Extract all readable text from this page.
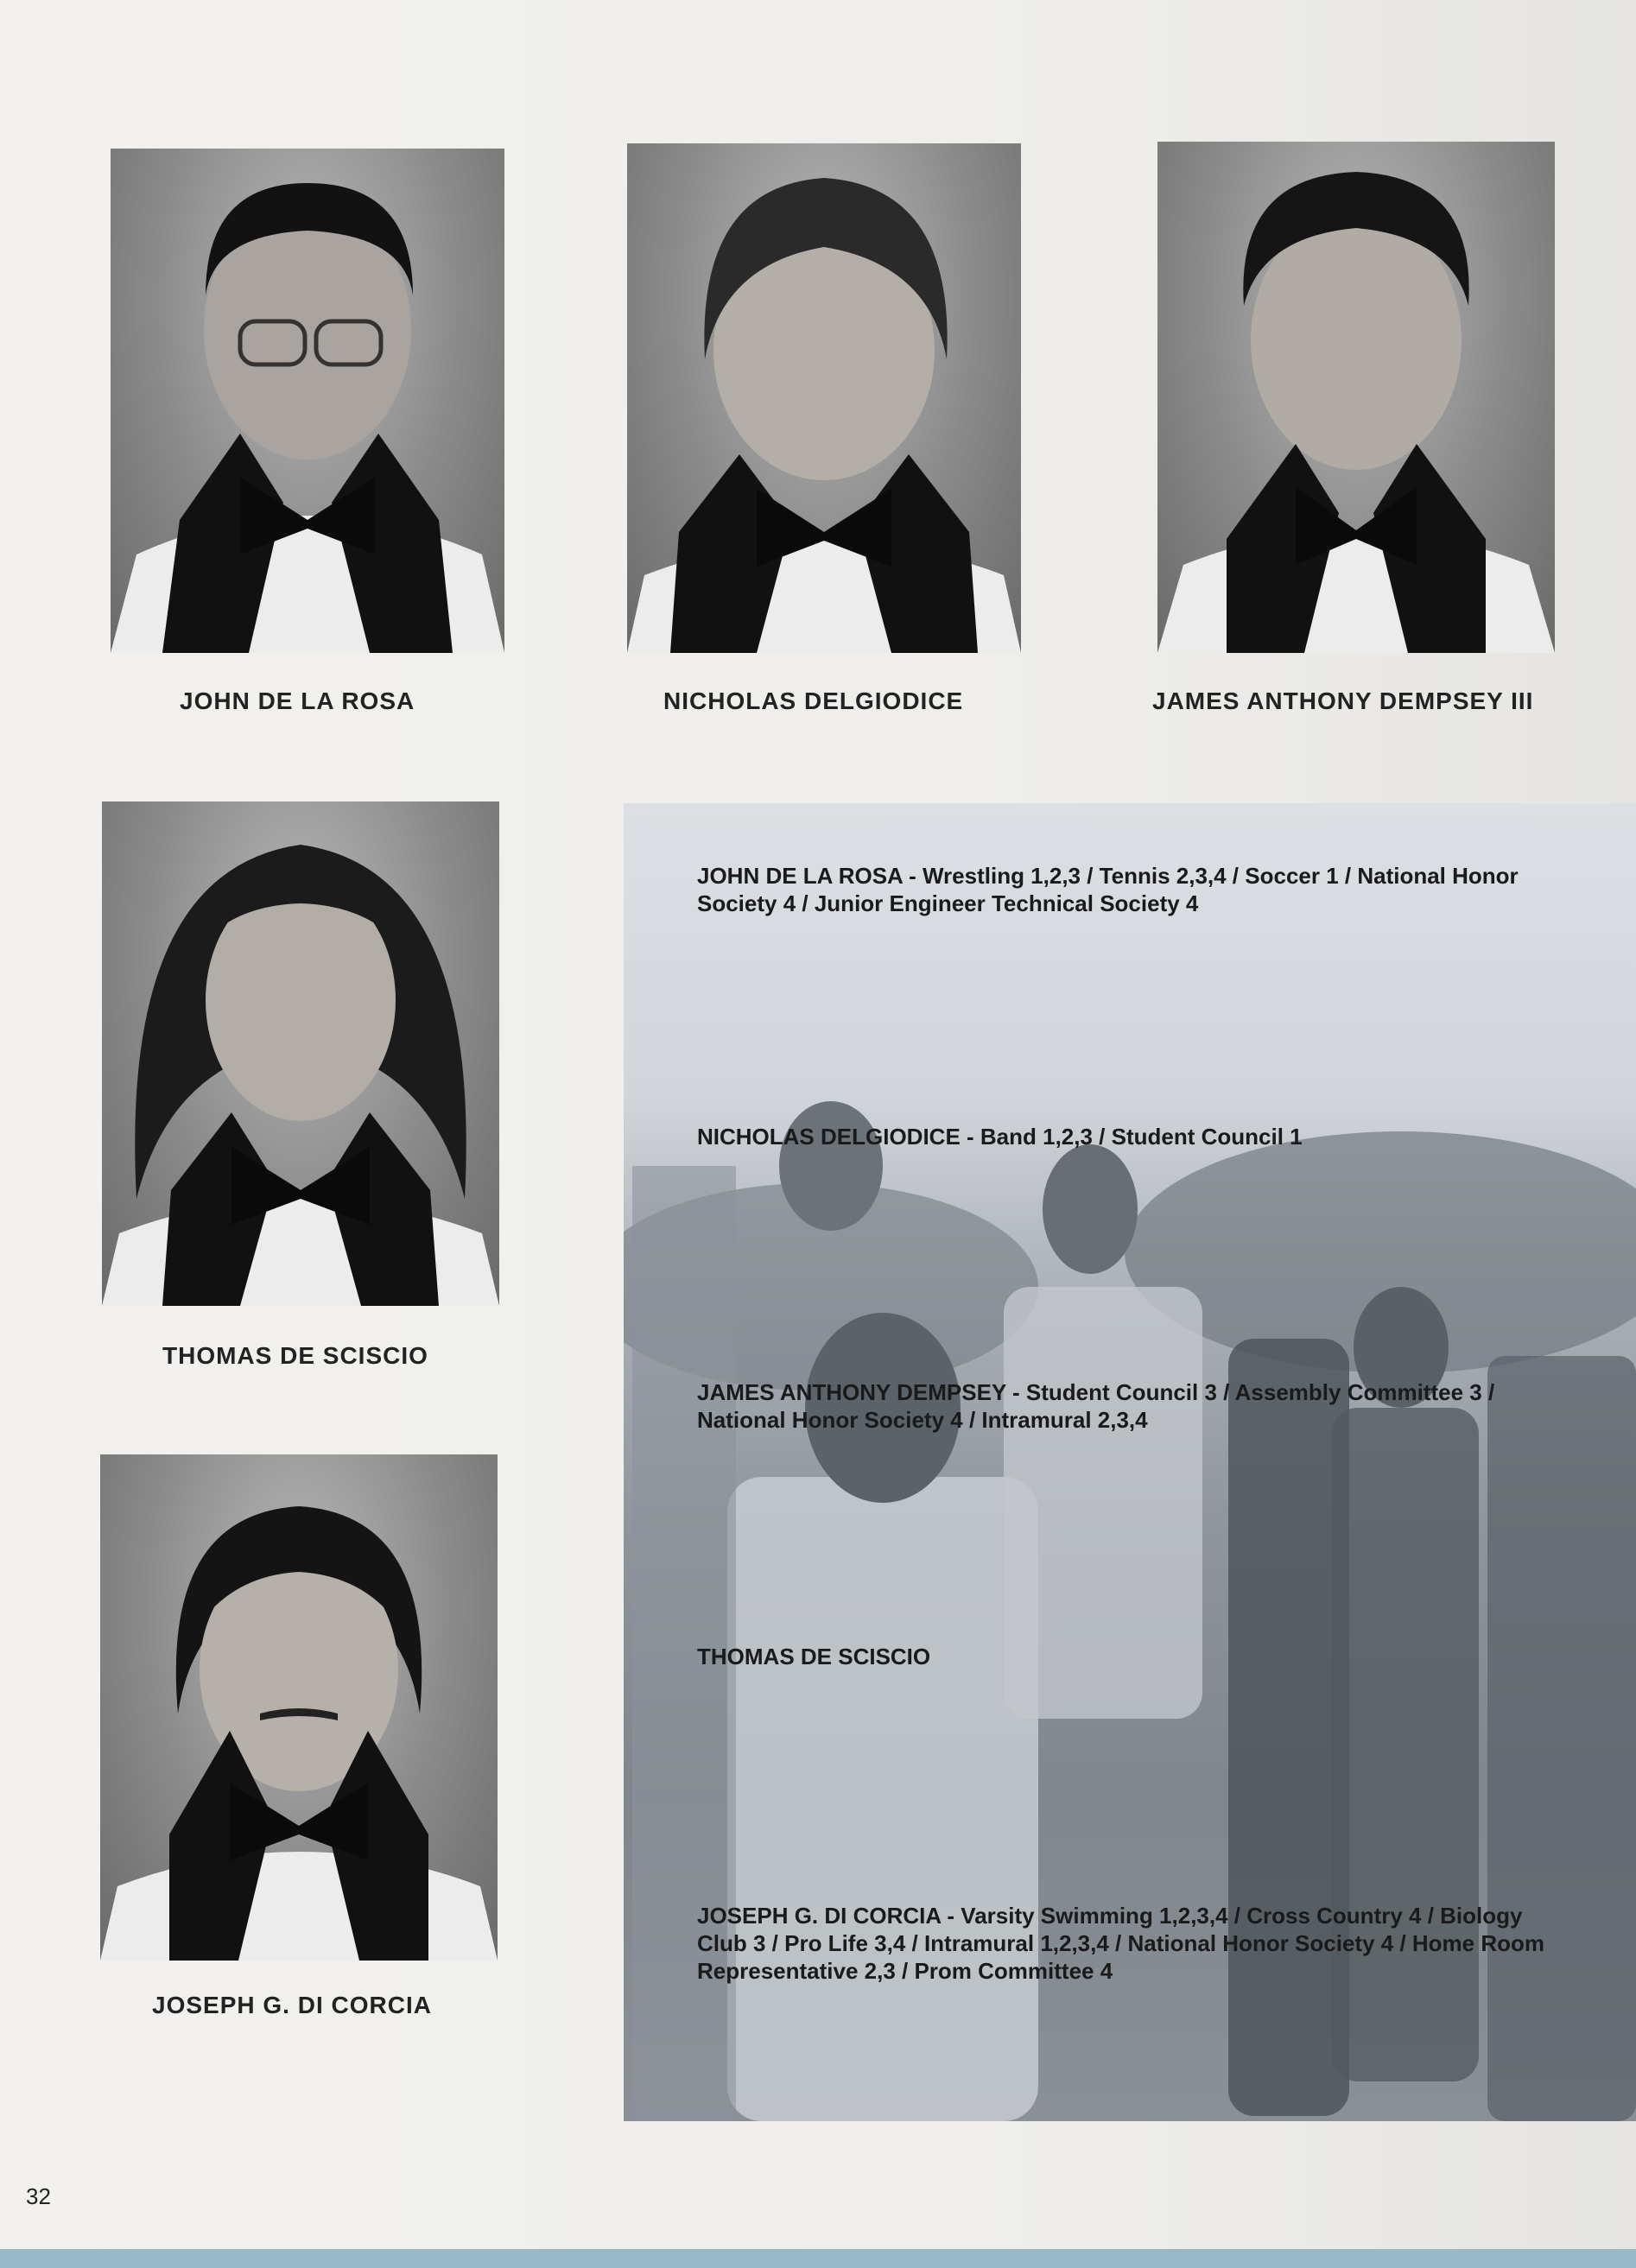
JOHN DE LA ROSA	NICHOLAS DELGIODICE	JAMES ANTHONY DEMPSEY III
THOMAS DE SCISCIO
JOSEPH G. DI CORCIA
JOHN DE LA ROSA - Wrestling 1,2,3 / Tennis 2,3,4 / Soccer 1 / National Honor Society 4 / Junior Engineer Technical Society 4
NICHOLAS DELGIODICE - Band 1,2,3 / Student Council 1
JAMES ANTHONY DEMPSEY - Student Council 3 / Assembly Committee 3 / National Honor Society 4 / Intramural 2,3,4
THOMAS DE SCISCIO
JOSEPH G. DI CORCIA - Varsity Swimming 1,2,3,4 / Cross Country 4 / Biology Club 3 / Pro Life 3,4 / Intramural 1,2,3,4 / National Honor Society 4 / Home Room Representative 2,3 / Prom Committee 4
32
